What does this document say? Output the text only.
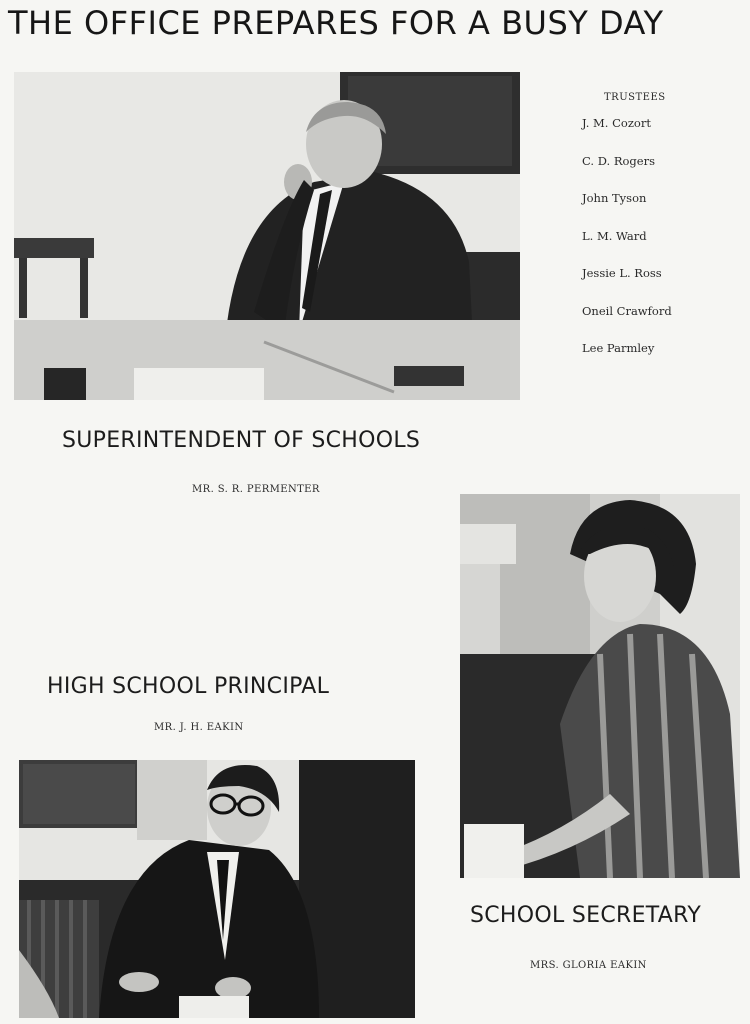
THE OFFICE PREPARES FOR A BUSY DAY
TRUSTEES
J. M. Cozort
C. D. Rogers
John Tyson
L. M. Ward
Jessie L. Ross
Oneil Crawford
Lee Parmley
SUPERINTENDENT OF SCHOOLS
MR. S. R. PERMENTER
HIGH SCHOOL PRINCIPAL
MR. J. H. EAKIN
SCHOOL SECRETARY
MRS. GLORIA EAKIN
